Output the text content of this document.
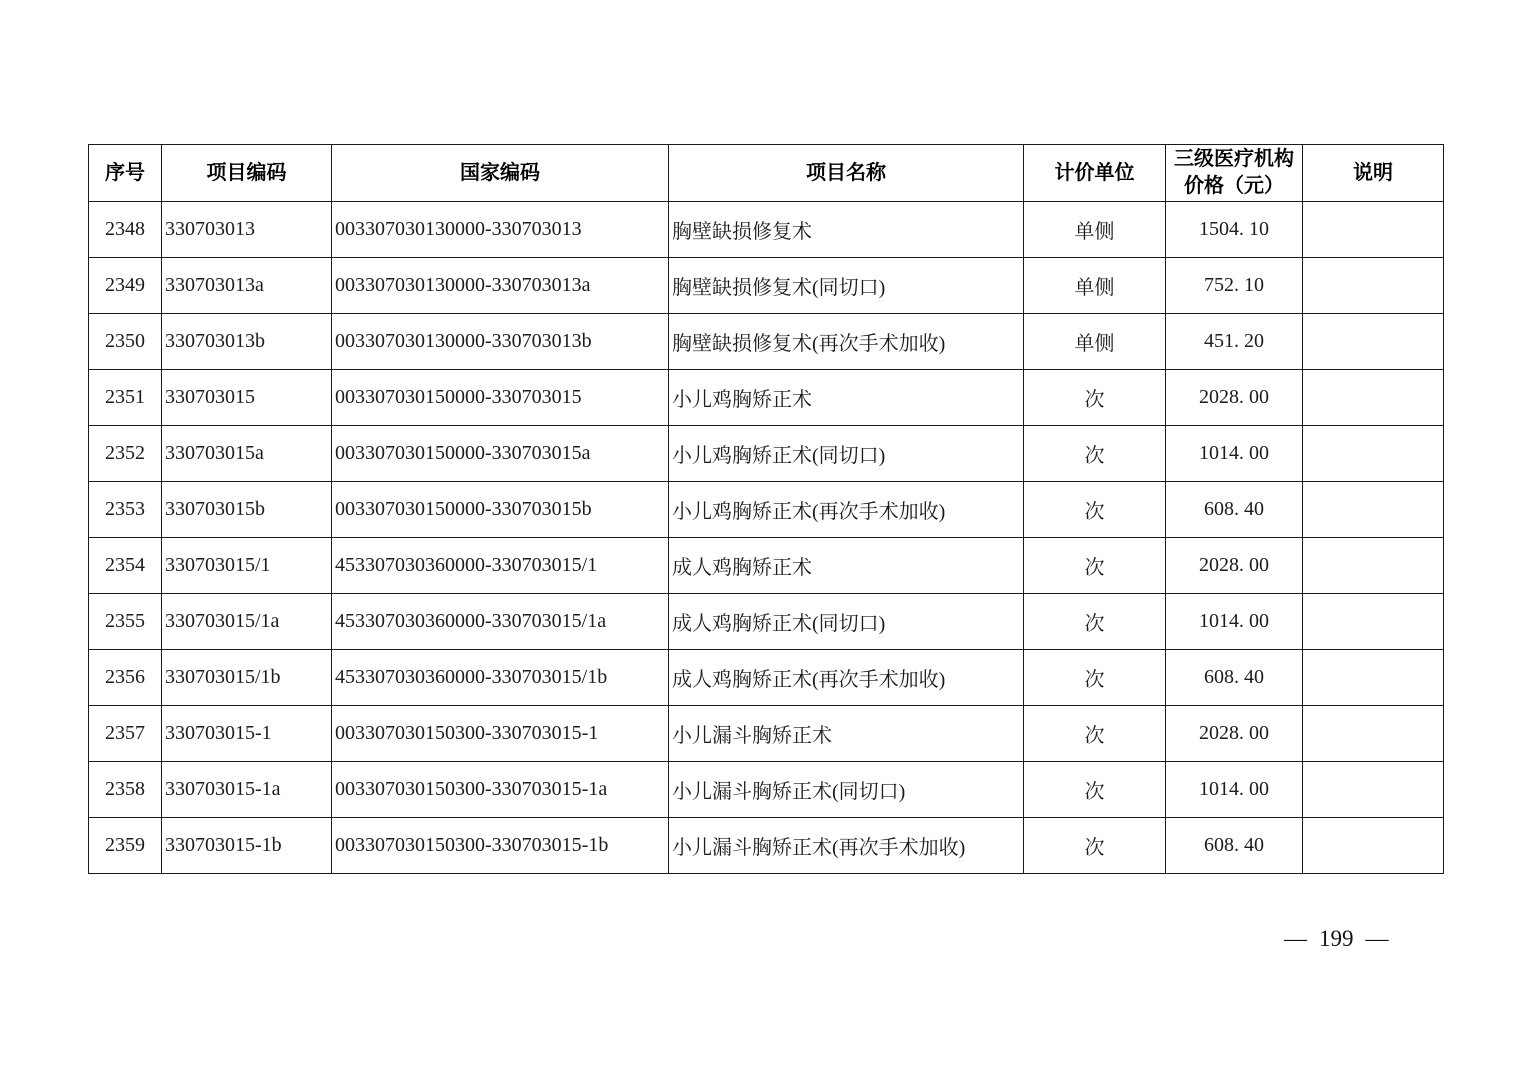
序号	项目编码	国家编码	项目名称	计价单位	三级医疗机构价格（元）	说明
2348	330703013	003307030130000-330703013	胸壁缺损修复术	单侧	1504. 10	
2349	330703013a	003307030130000-330703013a	胸壁缺损修复术(同切口)	单侧	752. 10	
2350	330703013b	003307030130000-330703013b	胸壁缺损修复术(再次手术加收)	单侧	451. 20	
2351	330703015	003307030150000-330703015	小儿鸡胸矫正术	次	2028. 00	
2352	330703015a	003307030150000-330703015a	小儿鸡胸矫正术(同切口)	次	1014. 00	
2353	330703015b	003307030150000-330703015b	小儿鸡胸矫正术(再次手术加收)	次	608. 40	
2354	330703015/1	453307030360000-330703015/1	成人鸡胸矫正术	次	2028. 00	
2355	330703015/1a	453307030360000-330703015/1a	成人鸡胸矫正术(同切口)	次	1014. 00	
2356	330703015/1b	453307030360000-330703015/1b	成人鸡胸矫正术(再次手术加收)	次	608. 40	
2357	330703015-1	003307030150300-330703015-1	小儿漏斗胸矫正术	次	2028. 00	
2358	330703015-1a	003307030150300-330703015-1a	小儿漏斗胸矫正术(同切口)	次	1014. 00	
2359	330703015-1b	003307030150300-330703015-1b	小儿漏斗胸矫正术(再次手术加收)	次	608. 40	
— 199 —
